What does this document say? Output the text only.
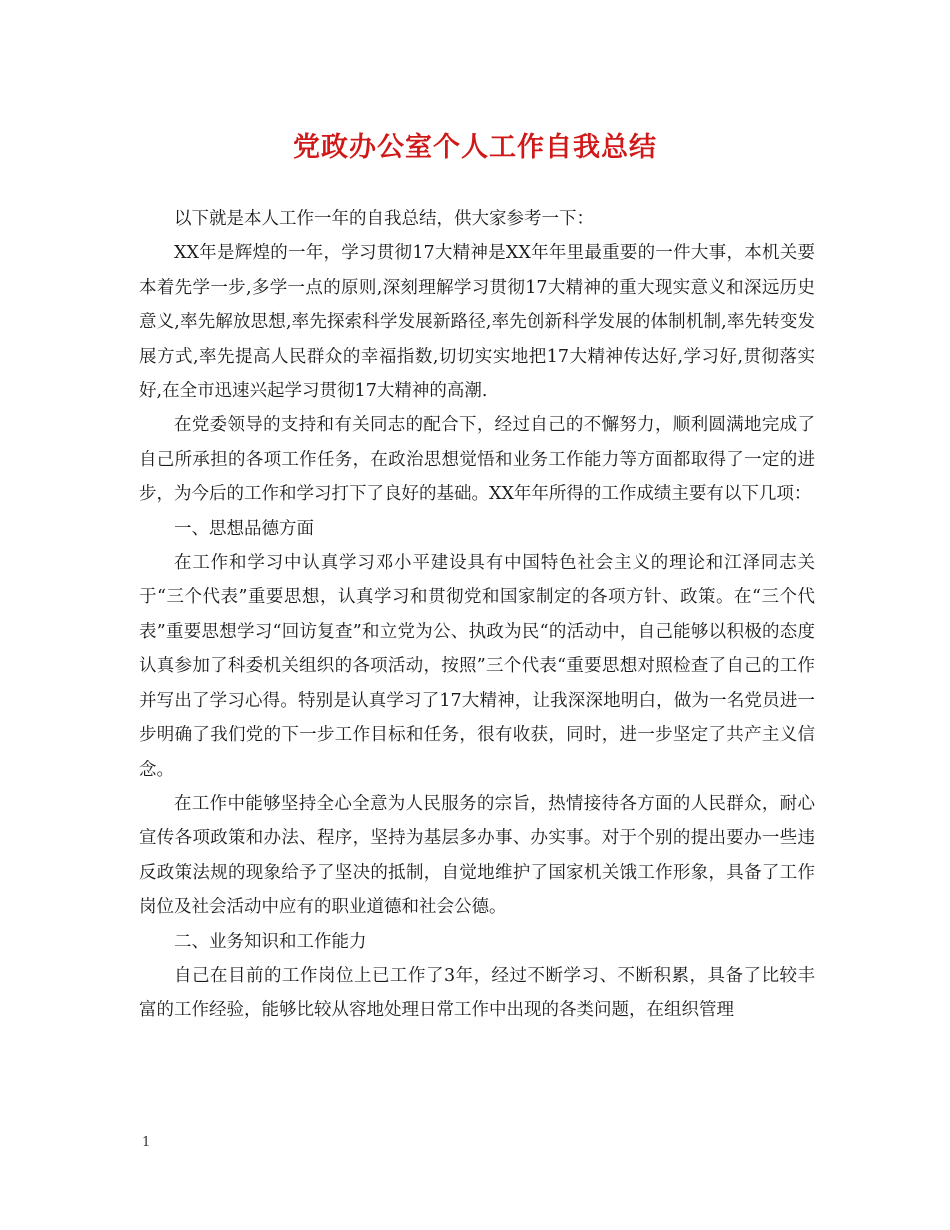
党政办公室个人工作自我总结

以下就是本人工作一年的自我总结，供大家参考一下：

XX年是辉煌的一年，学习贯彻17大精神是XX年年里最重要的一件大事，本机关要本着先学一步,多学一点的原则,深刻理解学习贯彻17大精神的重大现实意义和深远历史意义,率先解放思想,率先探索科学发展新路径,率先创新科学发展的体制机制,率先转变发展方式,率先提高人民群众的幸福指数,切切实实地把17大精神传达好,学习好,贯彻落实好,在全市迅速兴起学习贯彻17大精神的高潮.

在党委领导的支持和有关同志的配合下，经过自己的不懈努力，顺利圆满地完成了自己所承担的各项工作任务，在政治思想觉悟和业务工作能力等方面都取得了一定的进步，为今后的工作和学习打下了良好的基础。XX年年所得的工作成绩主要有以下几项：

一、思想品德方面

在工作和学习中认真学习邓小平建设具有中国特色社会主义的理论和江泽同志关于“三个代表”重要思想，认真学习和贯彻党和国家制定的各项方针、政策。在“三个代表”重要思想学习“回访复查”和立党为公、执政为民“的活动中，自己能够以积极的态度认真参加了科委机关组织的各项活动，按照”三个代表“重要思想对照检查了自己的工作并写出了学习心得。特别是认真学习了17大精神，让我深深地明白，做为一名党员进一步明确了我们党的下一步工作目标和任务，很有收获，同时，进一步坚定了共产主义信念。

在工作中能够坚持全心全意为人民服务的宗旨，热情接待各方面的人民群众，耐心宣传各项政策和办法、程序，坚持为基层多办事、办实事。对于个别的提出要办一些违反政策法规的现象给予了坚决的抵制，自觉地维护了国家机关饿工作形象，具备了工作岗位及社会活动中应有的职业道德和社会公德。

二、业务知识和工作能力

自己在目前的工作岗位上已工作了3年，经过不断学习、不断积累，具备了比较丰富的工作经验，能够比较从容地处理日常工作中出现的各类问题，在组织管理

1
